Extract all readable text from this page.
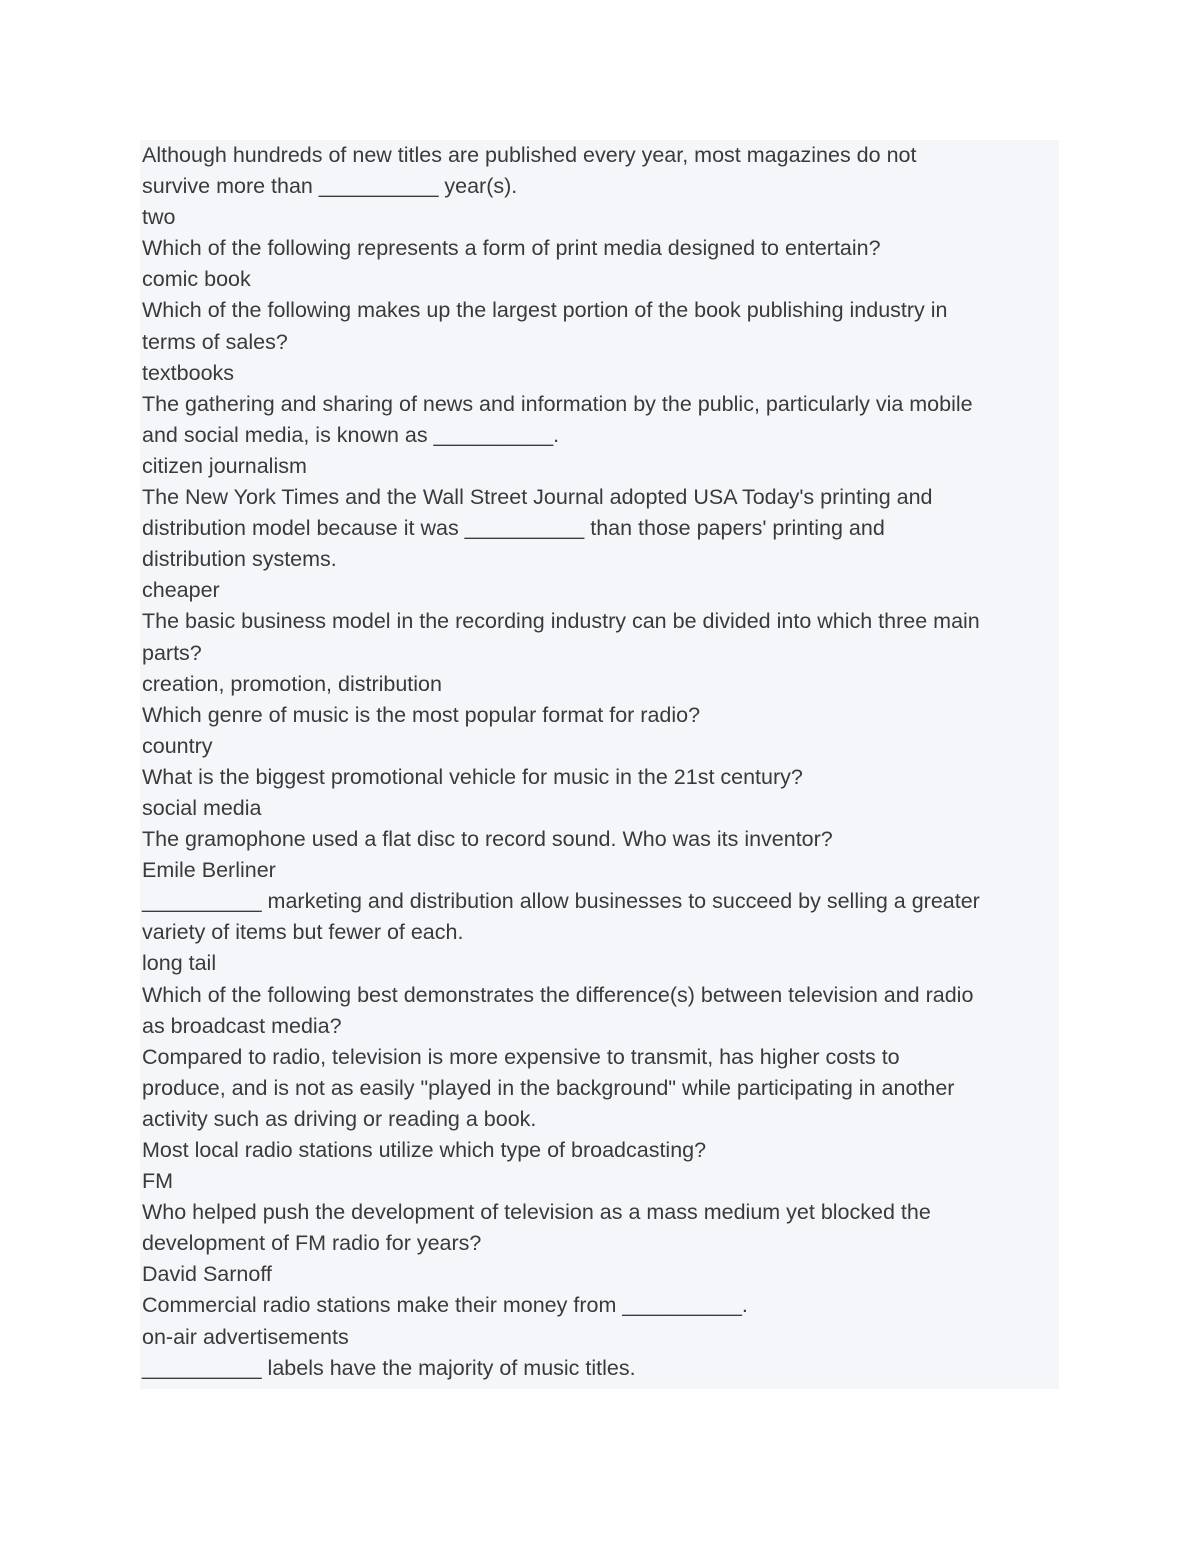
Although hundreds of new titles are published every year, most magazines do not
survive more than __________ year(s).
two
Which of the following represents a form of print media designed to entertain?
comic book
Which of the following makes up the largest portion of the book publishing industry in
terms of sales?
textbooks
The gathering and sharing of news and information by the public, particularly via mobile
and social media, is known as __________.
citizen journalism
The New York Times and the Wall Street Journal adopted USA Today's printing and
distribution model because it was __________ than those papers' printing and
distribution systems.
cheaper
The basic business model in the recording industry can be divided into which three main
parts?
creation, promotion, distribution
Which genre of music is the most popular format for radio?
country
What is the biggest promotional vehicle for music in the 21st century?
social media
The gramophone used a flat disc to record sound. Who was its inventor?
Emile Berliner
__________ marketing and distribution allow businesses to succeed by selling a greater
variety of items but fewer of each.
long tail
Which of the following best demonstrates the difference(s) between television and radio
as broadcast media?
Compared to radio, television is more expensive to transmit, has higher costs to
produce, and is not as easily "played in the background" while participating in another
activity such as driving or reading a book.
Most local radio stations utilize which type of broadcasting?
FM
Who helped push the development of television as a mass medium yet blocked the
development of FM radio for years?
David Sarnoff
Commercial radio stations make their money from __________.
on-air advertisements
__________ labels have the majority of music titles.
